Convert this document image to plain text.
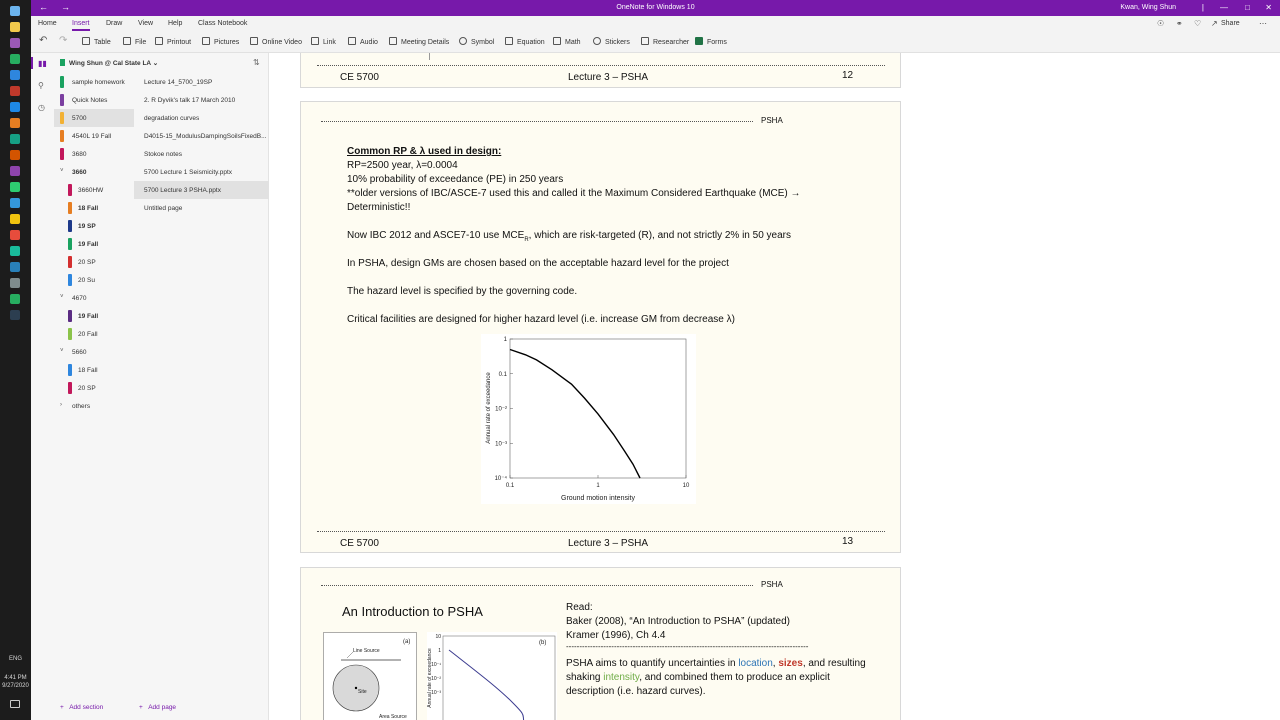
ENG
4:41 PM
9/27/2020
← →	OneNote for Windows 10	Kwan, Wing Shun	| — □ ✕
Home Insert Draw View Help Class Notebook	☉ ⚭ ♡ ↗ Share ⋯
↶ ↷	Table	File	Printout	Pictures	Online Video	Link	Audio	Meeting Details	Symbol	Equation	Math	Stickers	Researcher	Forms
▮▮
⚲
◷
Wing Shun @ Cal State LA ⌄	⇅
sample homework
Quick Notes
5700
4540L 19 Fall
3680
˅ 3660
3660HW
18 Fall
19 SP
19 Fall
20 SP
20 Su
˅ 4670
19 Fall
20 Fall
˅ 5660
18 Fall
20 SP
› others
Lecture 14_5700_19SP
2. R Dyvik's talk 17 March 2010
degradation curves
D4015-15_ModulusDampingSoilsFixedB...
Stokoe notes
5700 Lecture 1 Seismicity.pptx
5700 Lecture 3 PSHA.pptx
Untitled page
+   Add section	+   Add page
CE 5700	Lecture 3 – PSHA	12
PSHA
Common RP & λ used in design:
RP=2500 year, λ=0.0004
10% probability of exceedance (PE) in 250 years
**older versions of IBC/ASCE-7 used this and called it the Maximum Considered Earthquake (MCE) →
Deterministic!!
Now IBC 2012 and ASCE7-10 use $MCE_R$, which are risk-targeted (R), and not strictly 2% in 50 years
In PSHA, design GMs are chosen based on the acceptable hazard level for the project
The hazard level is specified by the governing code.
Critical facilities are designed for higher hazard level (i.e. increase GM from decrease λ)
0.1	1	10
1
0.1
10⁻²
10⁻³
10⁻⁴
Ground motion intensity
Annual rate of exceedance
CE 5700	Lecture 3 – PSHA	13
PSHA
An Introduction to PSHA	Read:
Baker (2008), “An Introduction to PSHA” (updated)
Kramer (1996), Ch 4.4
-------------------------------------------------------------------------------------------
PSHA aims to quantify uncertainties in location, sizes, and resulting
shaking intensity, and combined them to produce an explicit
description (i.e. hazard curves).
(a)
Line Source
Site
Area Source
(b)
10
1
10⁻¹
10⁻²
10⁻³
Annual rate of exceedance
